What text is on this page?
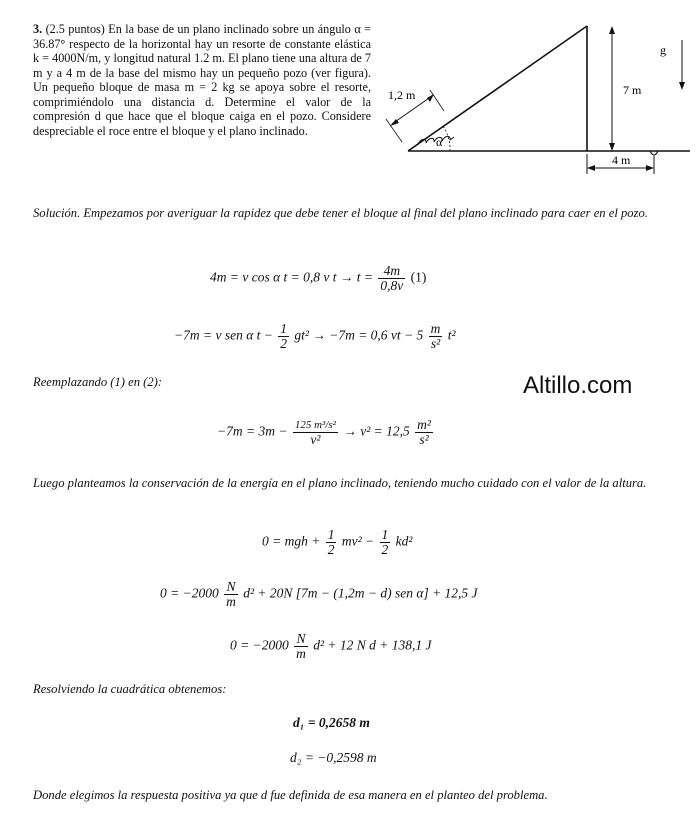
3. (2.5 puntos) En la base de un plano inclinado sobre un ángulo α = 36.87° respecto de la horizontal hay un resorte de constante elástica k = 4000N/m, y longitud natural 1.2 m. El plano tiene una altura de 7 m y a 4 m de la base del mismo hay un pequeño pozo (ver figura). Un pequeño bloque de masa m = 2 kg se apoya sobre el resorte, comprimiéndolo una distancia d. Determine el valor de la compresión d que hace que el bloque caiga en el pozo. Considere despreciable el roce entre el bloque y el plano inclinado.
7 m
g
4 m
1,2 m
α
Solución. Empezamos por averiguar la rapidez que debe tener el bloque al final del plano inclinado para caer en el pozo.
4m = v cos α t = 0,8 v $t \to t = \frac{4m}{0,8v} (1)$
−7m = v sen α $t - \frac{1}{2} gt^2 \to -7m = 0,6$ vt − $5 \frac{m}{\text{s²}} t^2$
Reemplazando (1) en (2):	Altillo.com
$-7m = 3m - \frac{\text{125 m³/s²}}{\text{v²}} \to v^2 = 12,5 \frac{\text{m²}}{\text{s²}}$
Luego planteamos la conservación de la energía en el plano inclinado, teniendo mucho cuidado con el valor de la altura.
0 = mgh + $\frac{1}{2} mv^2 - \frac{1}{2} kd^2$
$0 = -2000 \frac{N}{m} d^2 + 20N$ [7m − (1,2m − d) sen α] + 12,5 J
$0 = -2000 \frac{N}{m} d^2 + 12$ N d + 138,1 J
Resolviendo la cuadrática obtenemos:
d₁ = 0,2658 m
d₂ = −0,2598 m
Donde elegimos la respuesta positiva ya que d fue definida de esa manera en el planteo del problema.
